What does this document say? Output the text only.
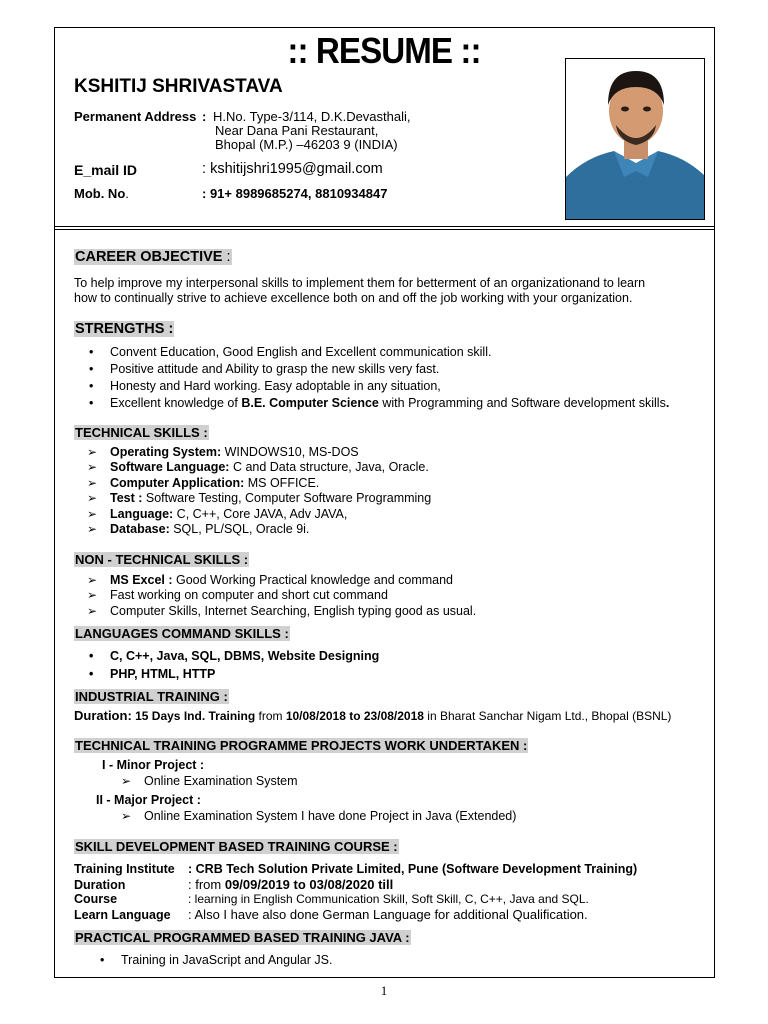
:: RESUME ::
KSHITIJ SHRIVASTAVA
Permanent Address : H.No. Type-3/114, D.K.Devasthali,
Near Dana Pani Restaurant,
Bhopal (M.P.) –46203 9 (INDIA)
E_mail ID	: kshitijshri1995@gmail.com
Mob. No.	: 91+ 8989685274, 8810934847
CAREER OBJECTIVE :
To help improve my interpersonal skills to implement them for betterment of an organizationand to learn
how to continually strive to achieve excellence both on and off the job working with your organization.
STRENGTHS :
• Convent Education, Good English and Excellent communication skill.
• Positive attitude and Ability to grasp the new skills very fast.
• Honesty and Hard working. Easy adoptable in any situation,
• Excellent knowledge of B.E. Computer Science with Programming and Software development skills.
TECHNICAL SKILLS :
➢ Operating System: WINDOWS10, MS-DOS
➢ Software Language: C and Data structure, Java, Oracle.
➢ Computer Application: MS OFFICE.
➢ Test : Software Testing, Computer Software Programming
➢ Language: C, C++, Core JAVA, Adv JAVA,
➢ Database: SQL, PL/SQL, Oracle 9i.
NON - TECHNICAL SKILLS :
➢ MS Excel : Good Working Practical knowledge and command
➢ Fast working on computer and short cut command
➢ Computer Skills, Internet Searching, English typing good as usual.
LANGUAGES COMMAND SKILLS :
• C, C++, Java, SQL, DBMS, Website Designing
• PHP, HTML, HTTP
INDUSTRIAL TRAINING :
Duration: 15 Days Ind. Training from 10/08/2018 to 23/08/2018 in Bharat Sanchar Nigam Ltd., Bhopal (BSNL)
TECHNICAL TRAINING PROGRAMME PROJECTS WORK UNDERTAKEN :
I - Minor Project :
➢ Online Examination System
II - Major Project :
➢ Online Examination System I have done Project in Java (Extended)
SKILL DEVELOPMENT BASED TRAINING COURSE :
Training Institute : CRB Tech Solution Private Limited, Pune (Software Development Training)
Duration	: from 09/09/2019 to 03/08/2020 till
Course	: learning in English Communication Skill, Soft Skill, C, C++, Java and SQL.
Learn Language : Also I have also done German Language for additional Qualification.
PRACTICAL PROGRAMMED BASED TRAINING JAVA :
• Training in JavaScript and Angular JS.
1
